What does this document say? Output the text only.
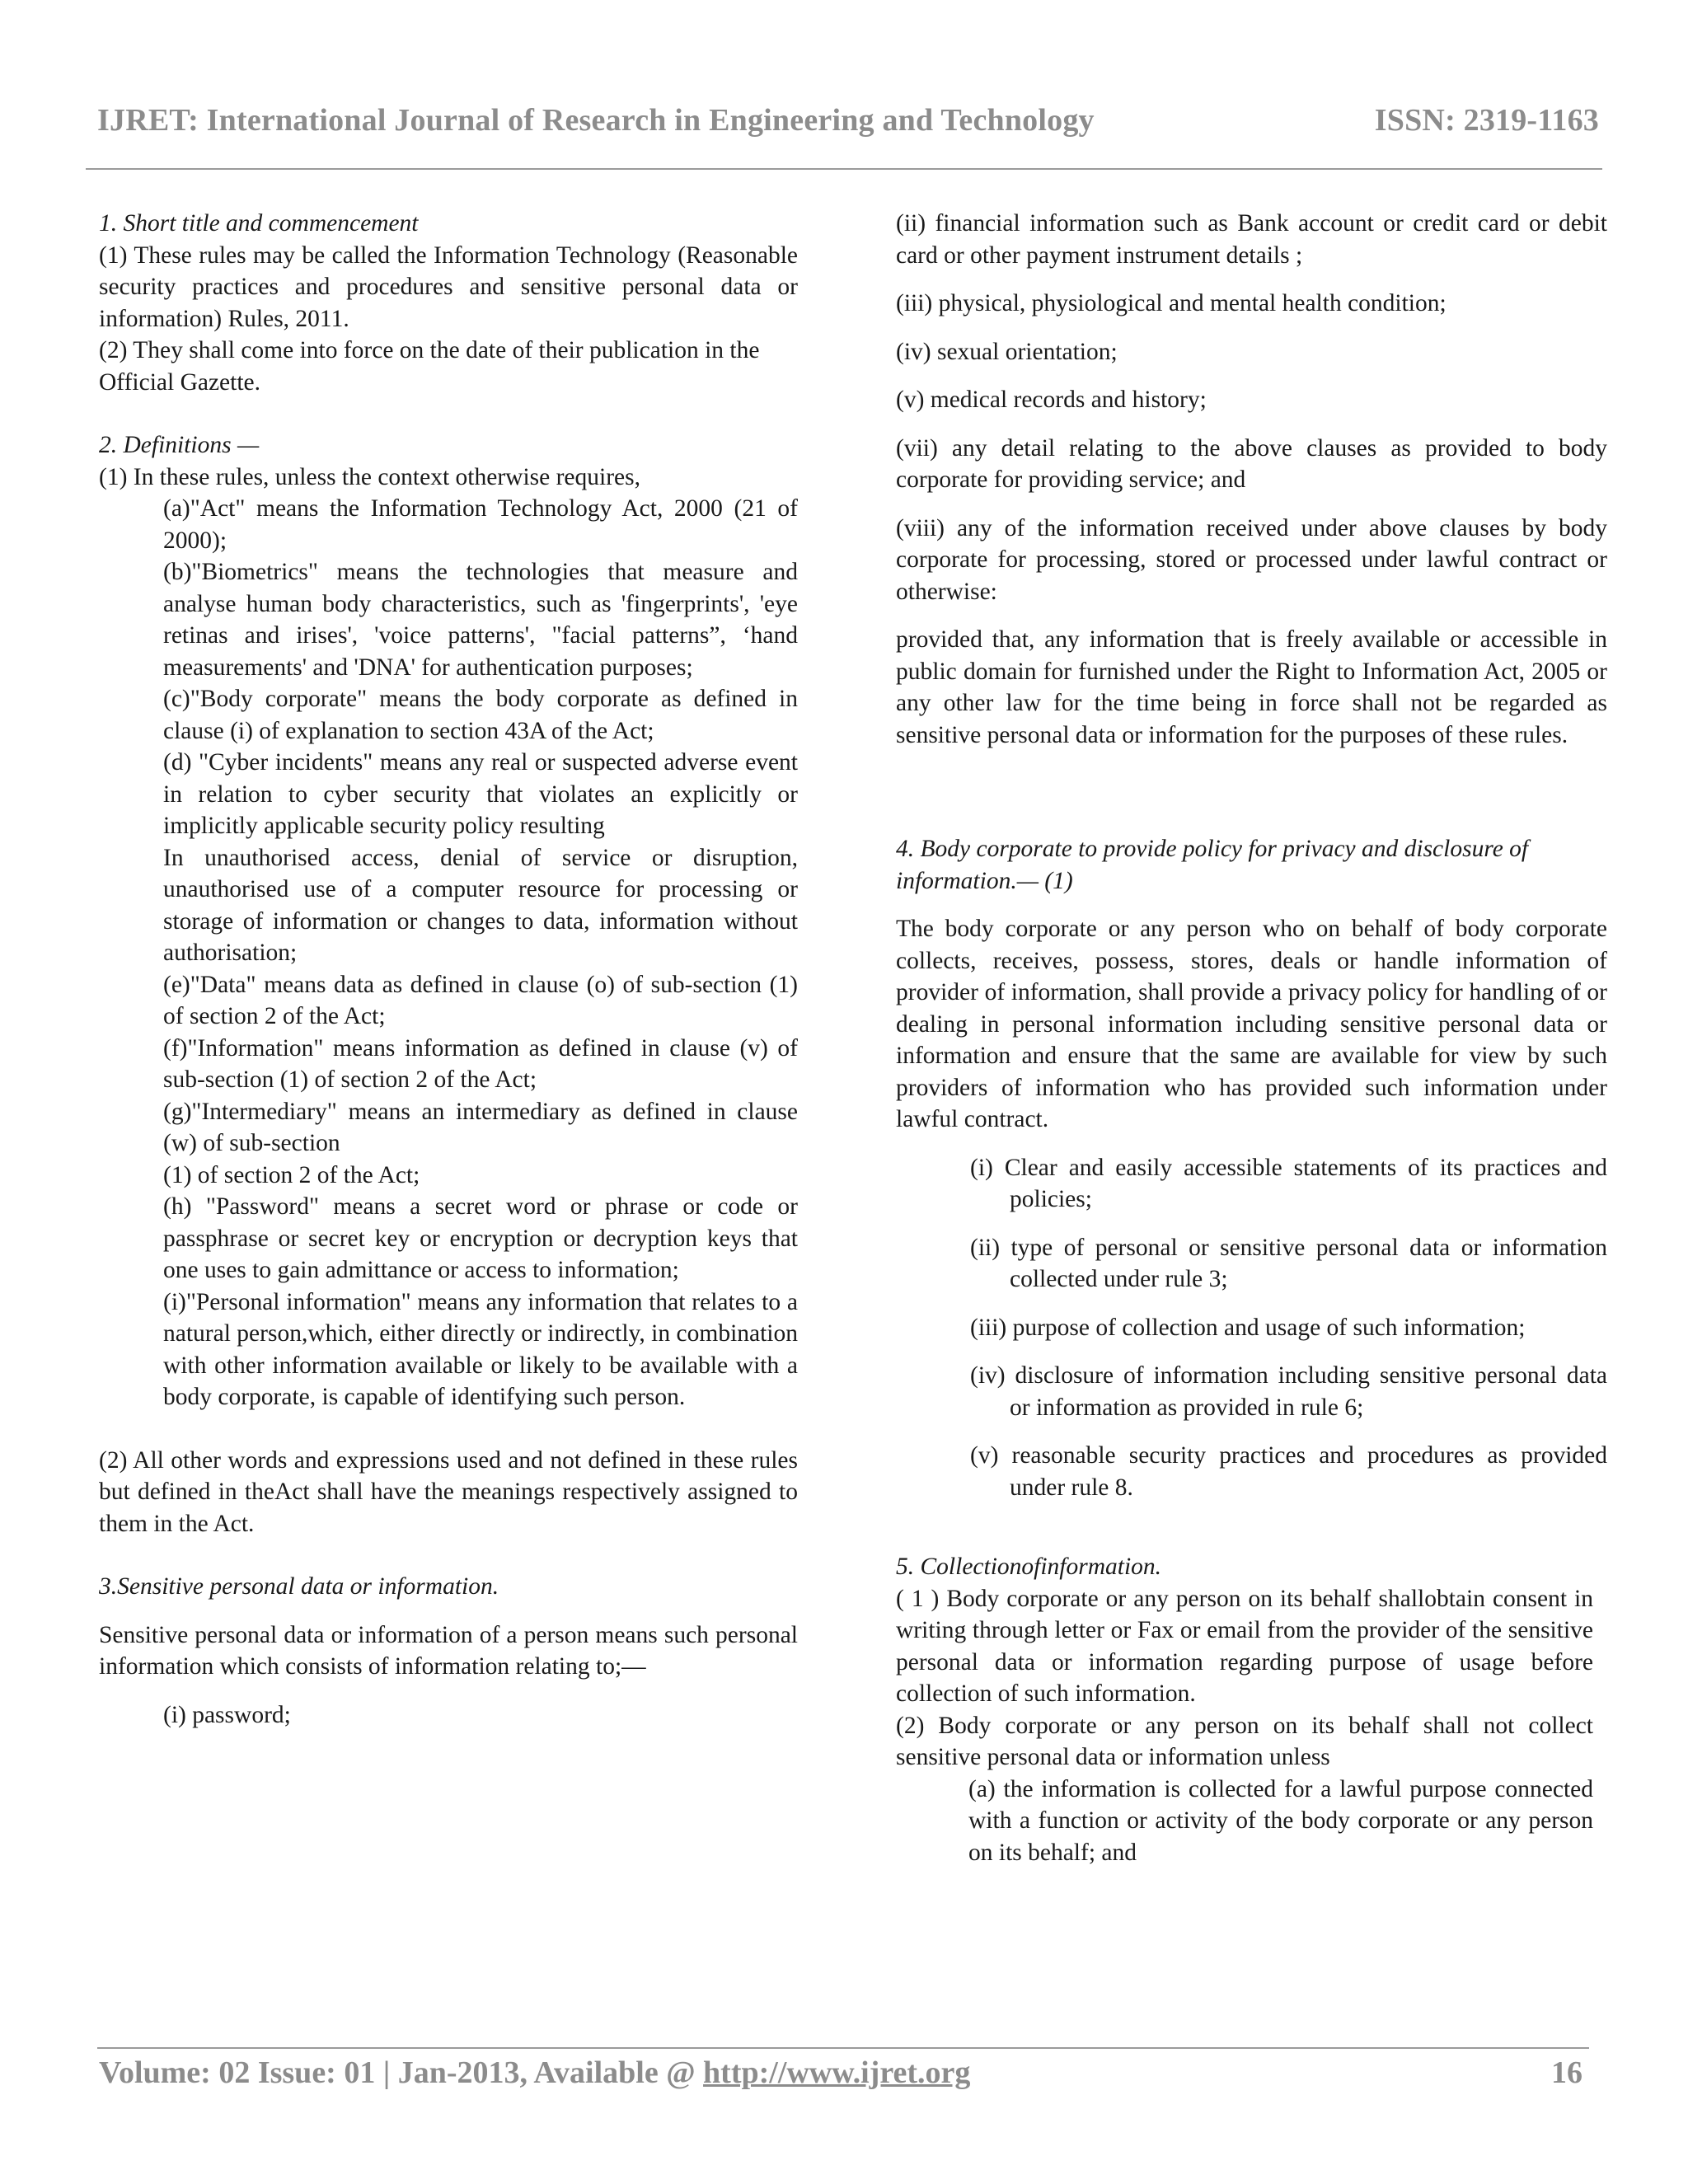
IJRET: International Journal of Research in Engineering and Technology	ISSN: 2319-1163

1. Short title and commencement

(1) These rules may be called the Information Technology (Reasonable security practices and procedures and sensitive personal data or information) Rules, 2011.

(2) They shall come into force on the date of their publication in the Official Gazette.

2. Definitions —

(1) In these rules, unless the context otherwise requires,

(a)"Act" means the Information Technology Act, 2000 (21 of 2000);

(b)"Biometrics" means the technologies that measure and analyse human body characteristics, such as 'fingerprints', 'eye retinas and irises', 'voice patterns', "facial patterns”, ‘hand measurements' and 'DNA' for authentication purposes;

(c)"Body corporate" means the body corporate as defined in clause (i) of explanation to section 43A of the Act;

(d) "Cyber incidents" means any real or suspected adverse event in relation to cyber security that violates an explicitly or implicitly applicable security policy resulting

In unauthorised access, denial of service or disruption, unauthorised use of a computer resource for processing or storage of information or changes to data, information without authorisation;

(e)"Data" means data as defined in clause (o) of sub-section (1) of section 2 of the Act;

(f)"Information" means information as defined in clause (v) of sub-section (1) of section 2 of the Act;

(g)"Intermediary" means an intermediary as defined in clause (w) of sub-section

(1) of section 2 of the Act;

(h) "Password" means a secret word or phrase or code or passphrase or secret key or encryption or decryption keys that one uses to gain admittance or access to information;

(i)"Personal information" means any information that relates to a natural person,which, either directly or indirectly, in combination with other information available or likely to be available with a body corporate, is capable of identifying such person.

(2) All other words and expressions used and not defined in these rules but defined in theAct shall have the meanings respectively assigned to them in the Act.

3.Sensitive personal data or information.

Sensitive personal data or information of a person means such personal information which consists of information relating to;—

(i) password;

(ii) financial information such as Bank account or credit card or debit card or other payment instrument details ;

(iii) physical, physiological and mental health condition;

(iv) sexual orientation;

(v) medical records and history;

(vii) any detail relating to the above clauses as provided to body corporate for providing service; and

(viii) any of the information received under above clauses by body corporate for processing, stored or processed under lawful contract or otherwise:

provided that, any information that is freely available or accessible in public domain for furnished under the Right to Information Act, 2005 or any other law for the time being in force shall not be regarded as sensitive personal data or information for the purposes of these rules.

4. Body corporate to provide policy for privacy and disclosure of information.— (1)

The body corporate or any person who on behalf of body corporate collects, receives, possess, stores, deals or handle information of provider of information, shall provide a privacy policy for handling of or dealing in personal information including sensitive personal data or information and ensure that the same are available for view by such providers of information who has provided such information under lawful contract.

(i) Clear and easily accessible statements of its practices and policies;

(ii) type of personal or sensitive personal data or information collected under rule 3;

(iii) purpose of collection and usage of such information;

(iv) disclosure of information including sensitive personal data or information as provided in rule 6;

(v) reasonable security practices and procedures as provided under rule 8.

5. Collectionofinformation.

( 1 ) Body corporate or any person on its behalf shallobtain consent in writing through letter or Fax or email from the provider of the sensitive personal data or information regarding purpose of usage before collection of such information.

(2) Body corporate or any person on its behalf shall not collect sensitive personal data or information unless

(a) the information is collected for a lawful purpose connected with a function or activity of the body corporate or any person on its behalf; and

Volume: 02 Issue: 01 | Jan-2013, Available @ http://www.ijret.org	16
